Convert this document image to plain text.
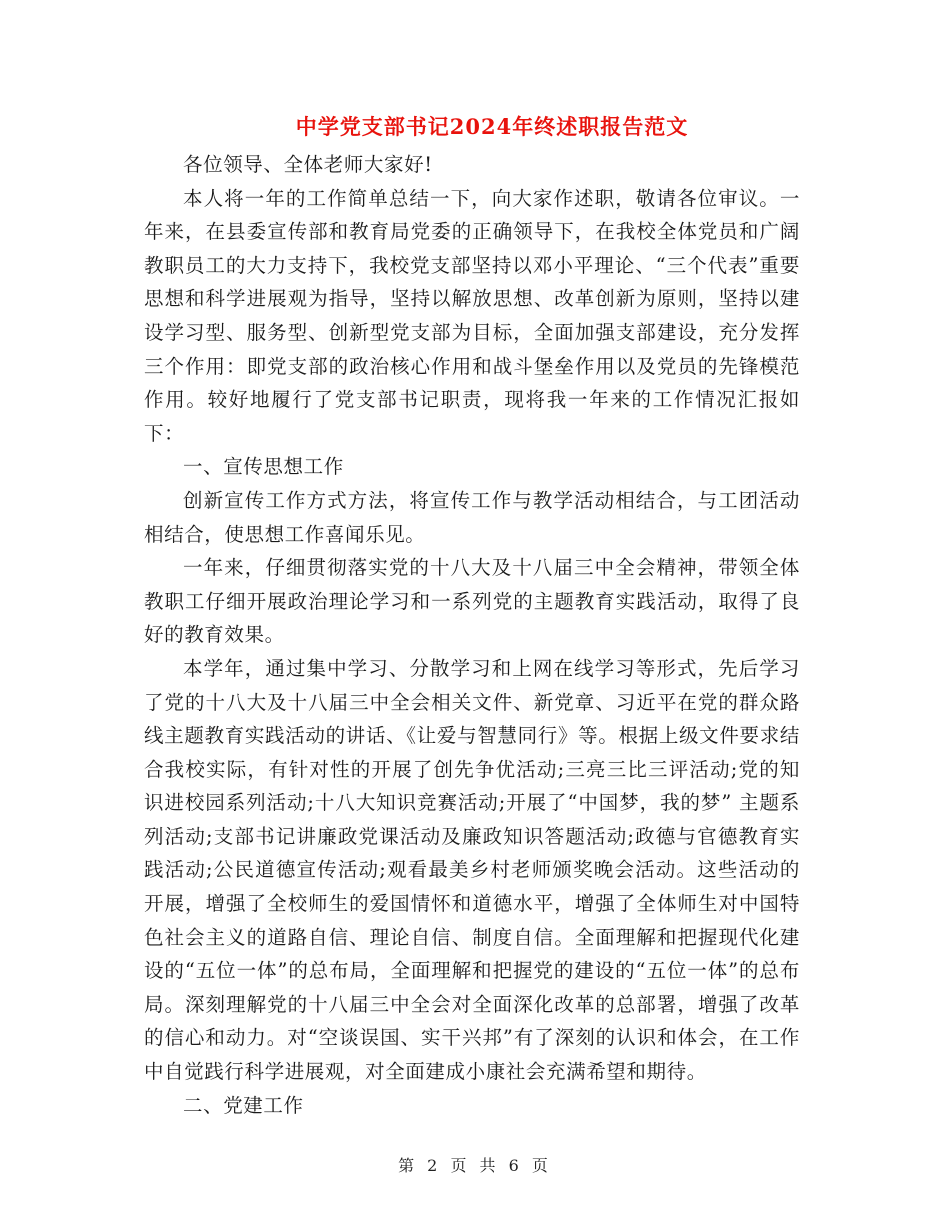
中学党支部书记2024年终述职报告范文

各位领导、全体老师大家好!

本人将一年的工作简单总结一下，向大家作述职，敬请各位审议。一年来，在县委宣传部和教育局党委的正确领导下，在我校全体党员和广阔教职员工的大力支持下，我校党支部坚持以邓小平理论、“三个代表”重要思想和科学进展观为指导，坚持以解放思想、改革创新为原则，坚持以建设学习型、服务型、创新型党支部为目标，全面加强支部建设，充分发挥三个作用：即党支部的政治核心作用和战斗堡垒作用以及党员的先锋模范作用。较好地履行了党支部书记职责，现将我一年来的工作情况汇报如下：

一、宣传思想工作

创新宣传工作方式方法，将宣传工作与教学活动相结合，与工团活动相结合，使思想工作喜闻乐见。

一年来，仔细贯彻落实党的十八大及十八届三中全会精神，带领全体教职工仔细开展政治理论学习和一系列党的主题教育实践活动，取得了良好的教育效果。

本学年，通过集中学习、分散学习和上网在线学习等形式，先后学习了党的十八大及十八届三中全会相关文件、新党章、习近平在党的群众路线主题教育实践活动的讲话、《让爱与智慧同行》等。根据上级文件要求结合我校实际，有针对性的开展了创先争优活动;三亮三比三评活动;党的知识进校园系列活动;十八大知识竞赛活动;开展了“中国梦，我的梦” 主题系列活动;支部书记讲廉政党课活动及廉政知识答题活动;政德与官德教育实践活动;公民道德宣传活动;观看最美乡村老师颁奖晚会活动。这些活动的开展，增强了全校师生的爱国情怀和道德水平，增强了全体师生对中国特色社会主义的道路自信、理论自信、制度自信。全面理解和把握现代化建设的“五位一体”的总布局，全面理解和把握党的建设的“五位一体”的总布局。深刻理解党的十八届三中全会对全面深化改革的总部署，增强了改革的信心和动力。对“空谈误国、实干兴邦”有了深刻的认识和体会，在工作中自觉践行科学进展观，对全面建成小康社会充满希望和期待。

二、党建工作

第 2 页 共 6 页
